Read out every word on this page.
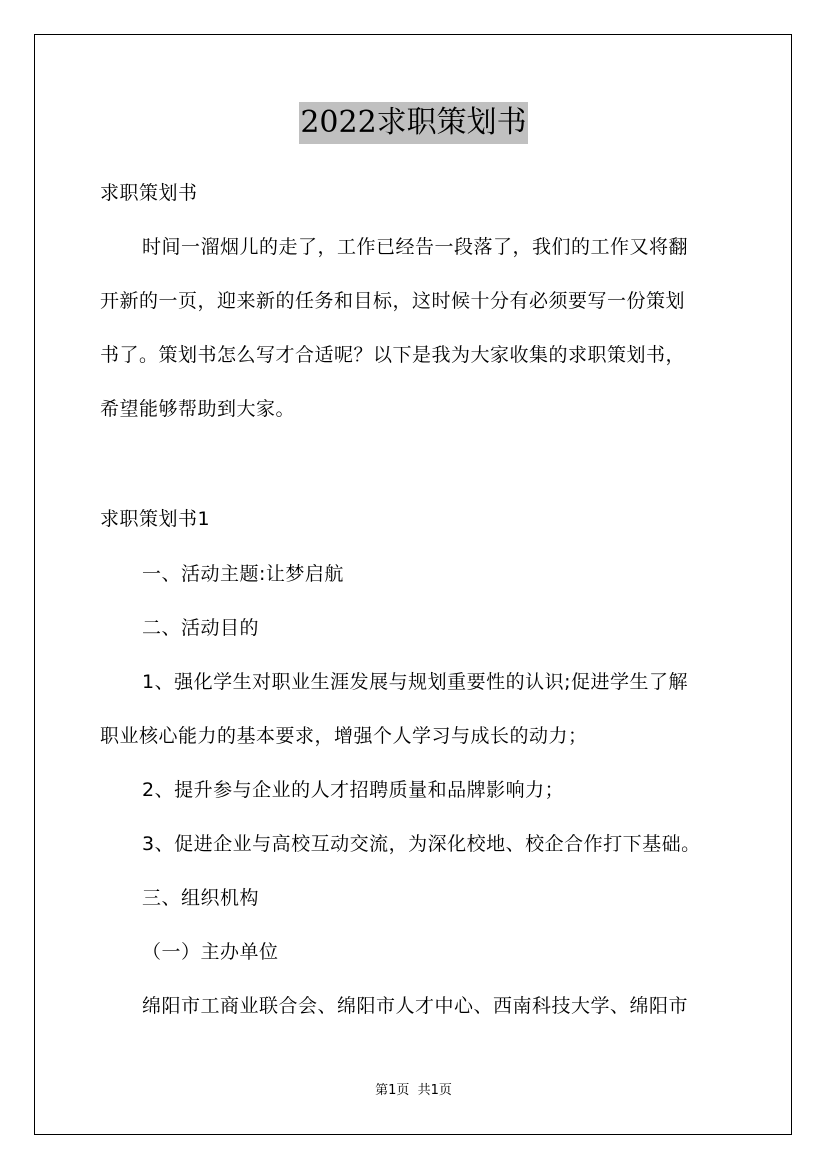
2022求职策划书
求职策划书
时间一溜烟儿的走了，工作已经告一段落了，我们的工作又将翻
开新的一页，迎来新的任务和目标，这时候十分有必须要写一份策划
书了。策划书怎么写才合适呢？以下是我为大家收集的求职策划书，
希望能够帮助到大家。
求职策划书1
一、活动主题:让梦启航
二、活动目的
1、强化学生对职业生涯发展与规划重要性的认识;促进学生了解
职业核心能力的基本要求，增强个人学习与成长的动力；
2、提升参与企业的人才招聘质量和品牌影响力；
3、促进企业与高校互动交流，为深化校地、校企合作打下基础。
三、组织机构
（一）主办单位
绵阳市工商业联合会、绵阳市人才中心、西南科技大学、绵阳市
第1页 共1页
